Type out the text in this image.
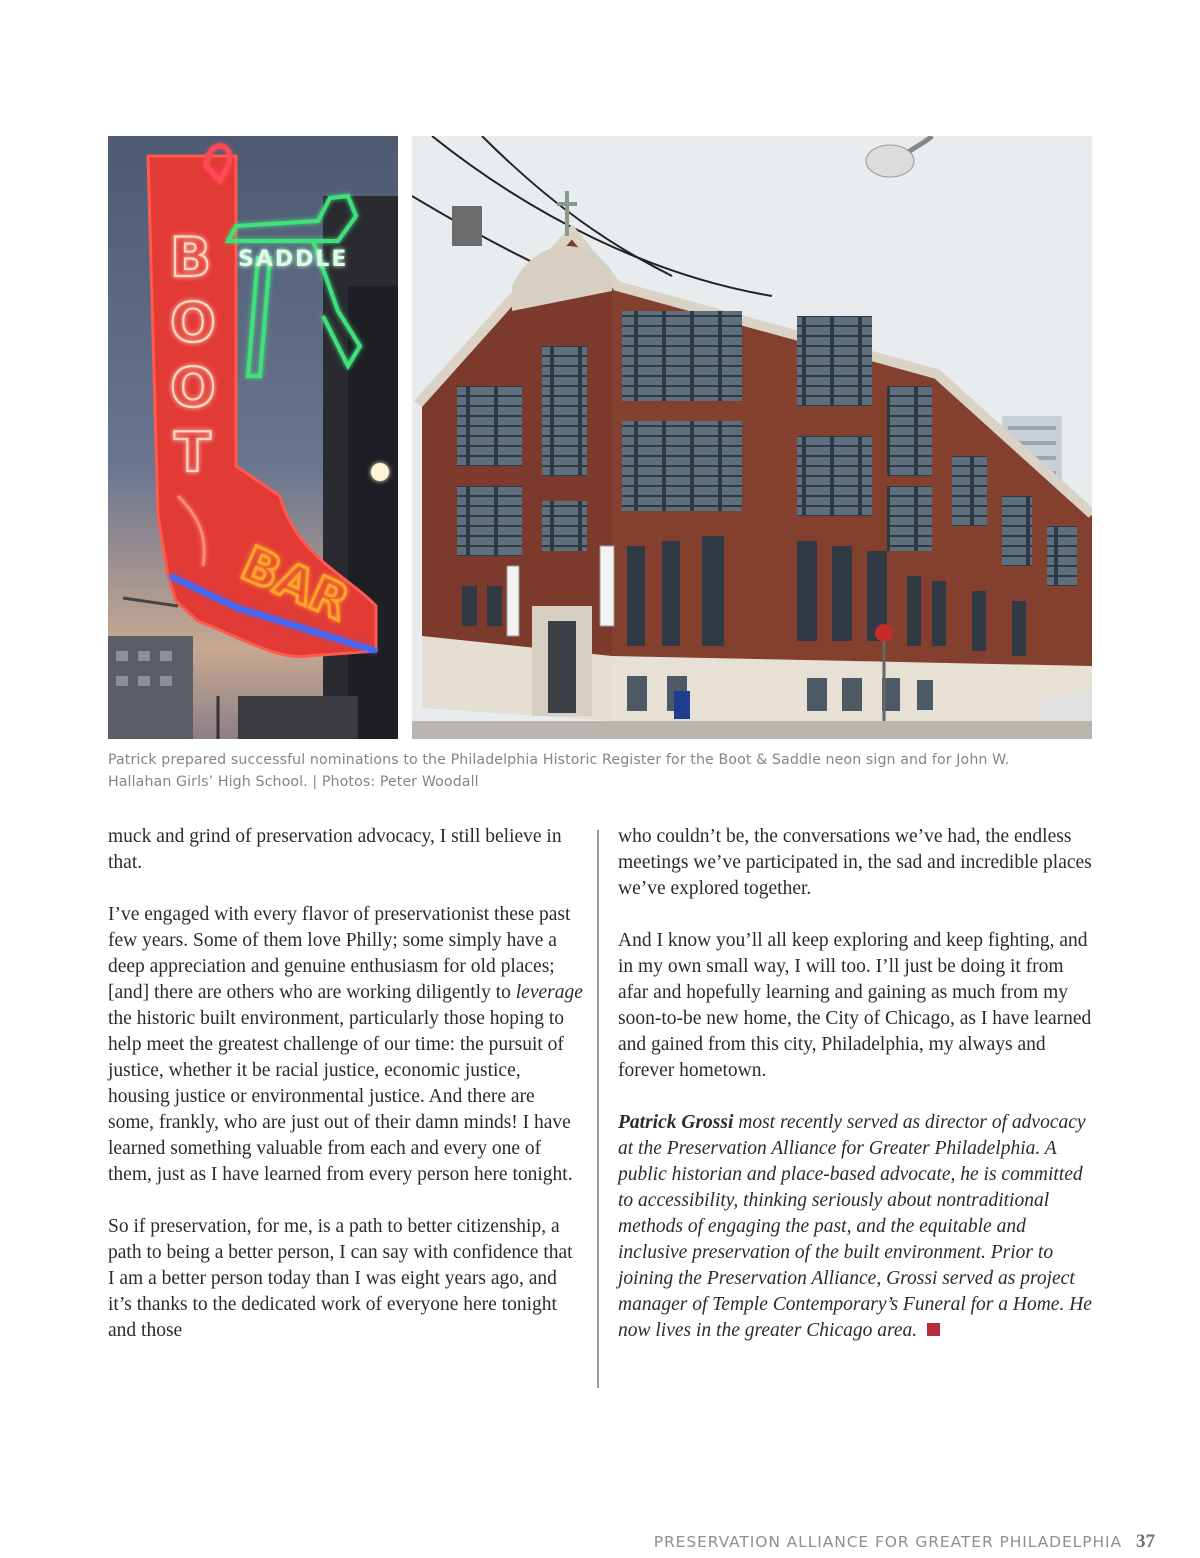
B
O
O
T
SADDLE
BAR
Patrick prepared successful nominations to the Philadelphia Historic Register for the Boot & Saddle neon sign and for John W.
Hallahan Girls’ High School. | Photos: Peter Woodall

muck and grind of preservation advocacy, I still believe in that.

I’ve engaged with every flavor of preservationist these past few years. Some of them love Philly; some simply have a deep appreciation and genuine enthusiasm for old places; [and] there are others who are working diligently to leverage the historic built environment, particularly those hoping to help meet the greatest challenge of our time: the pursuit of justice, whether it be racial justice, economic justice, housing justice or environmental justice. And there are some, frankly, who are just out of their damn minds! I have learned something valuable from each and every one of them, just as I have learned from every person here tonight.

So if preservation, for me, is a path to better citizenship, a path to being a better person, I can say with confidence that I am a better person today than I was eight years ago, and it’s thanks to the dedicated work of everyone here tonight and those

who couldn’t be, the conversations we’ve had, the endless meetings we’ve participated in, the sad and incredible places we’ve explored together.

And I know you’ll all keep exploring and keep fighting, and in my own small way, I will too. I’ll just be doing it from afar and hopefully learning and gaining as much from my soon-to-be new home, the City of Chicago, as I have learned and gained from this city, Philadelphia, my always and forever hometown.

Patrick Grossi most recently served as director of advocacy at the Preservation Alliance for Greater Philadelphia. A public historian and place-based advocate, he is committed to accessibility, thinking seriously about nontraditional methods of engaging the past, and the equitable and inclusive preservation of the built environment. Prior to joining the Preservation Alliance, Grossi served as project manager of Temple Contemporary’s Funeral for a Home. He now lives in the greater Chicago area.

PRESERVATION ALLIANCE FOR GREATER PHILADELPHIA 37
